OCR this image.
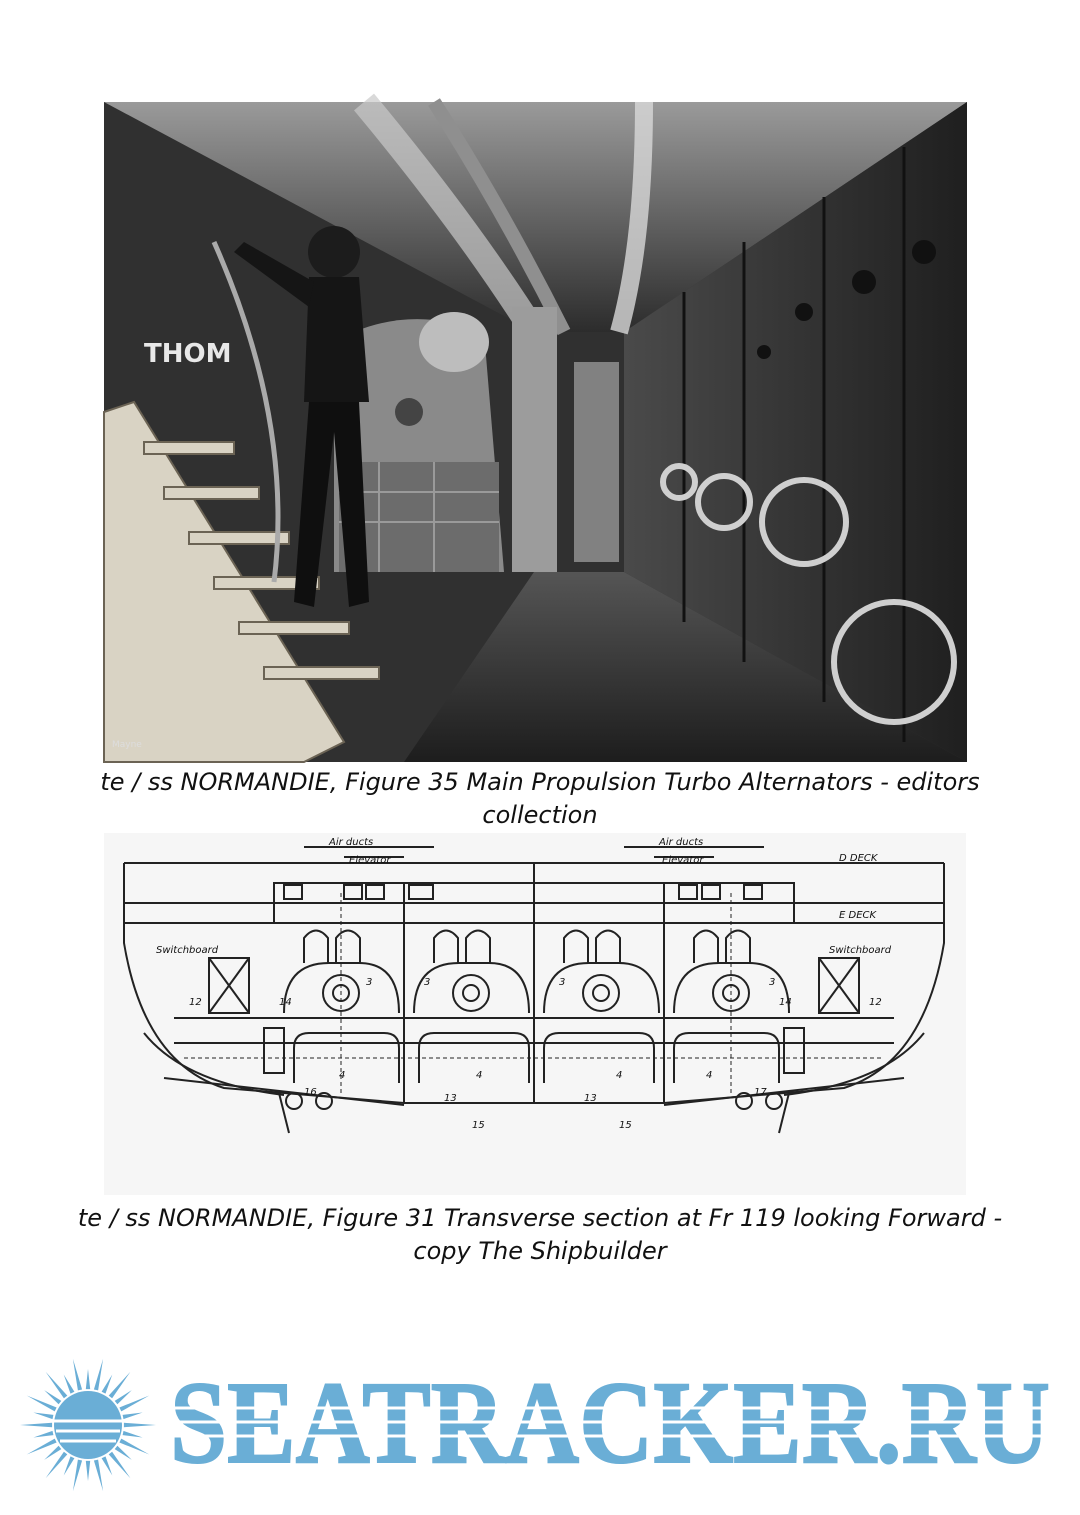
THOM
Mayne
te / ss NORMANDIE, Figure 35 Main Propulsion Turbo Alternators - editors collection
Air ducts
Elevator
Air ducts
Elevator	D DECK
E DECK
Switchboard	Switchboard
12	12
14	14
3	3	3	3
4	4	4	4
13	13
15	15
16	17
te / ss NORMANDIE, Figure 31 Transverse section at Fr 119 looking Forward - copy The Shipbuilder
SEATRACKER.RU
